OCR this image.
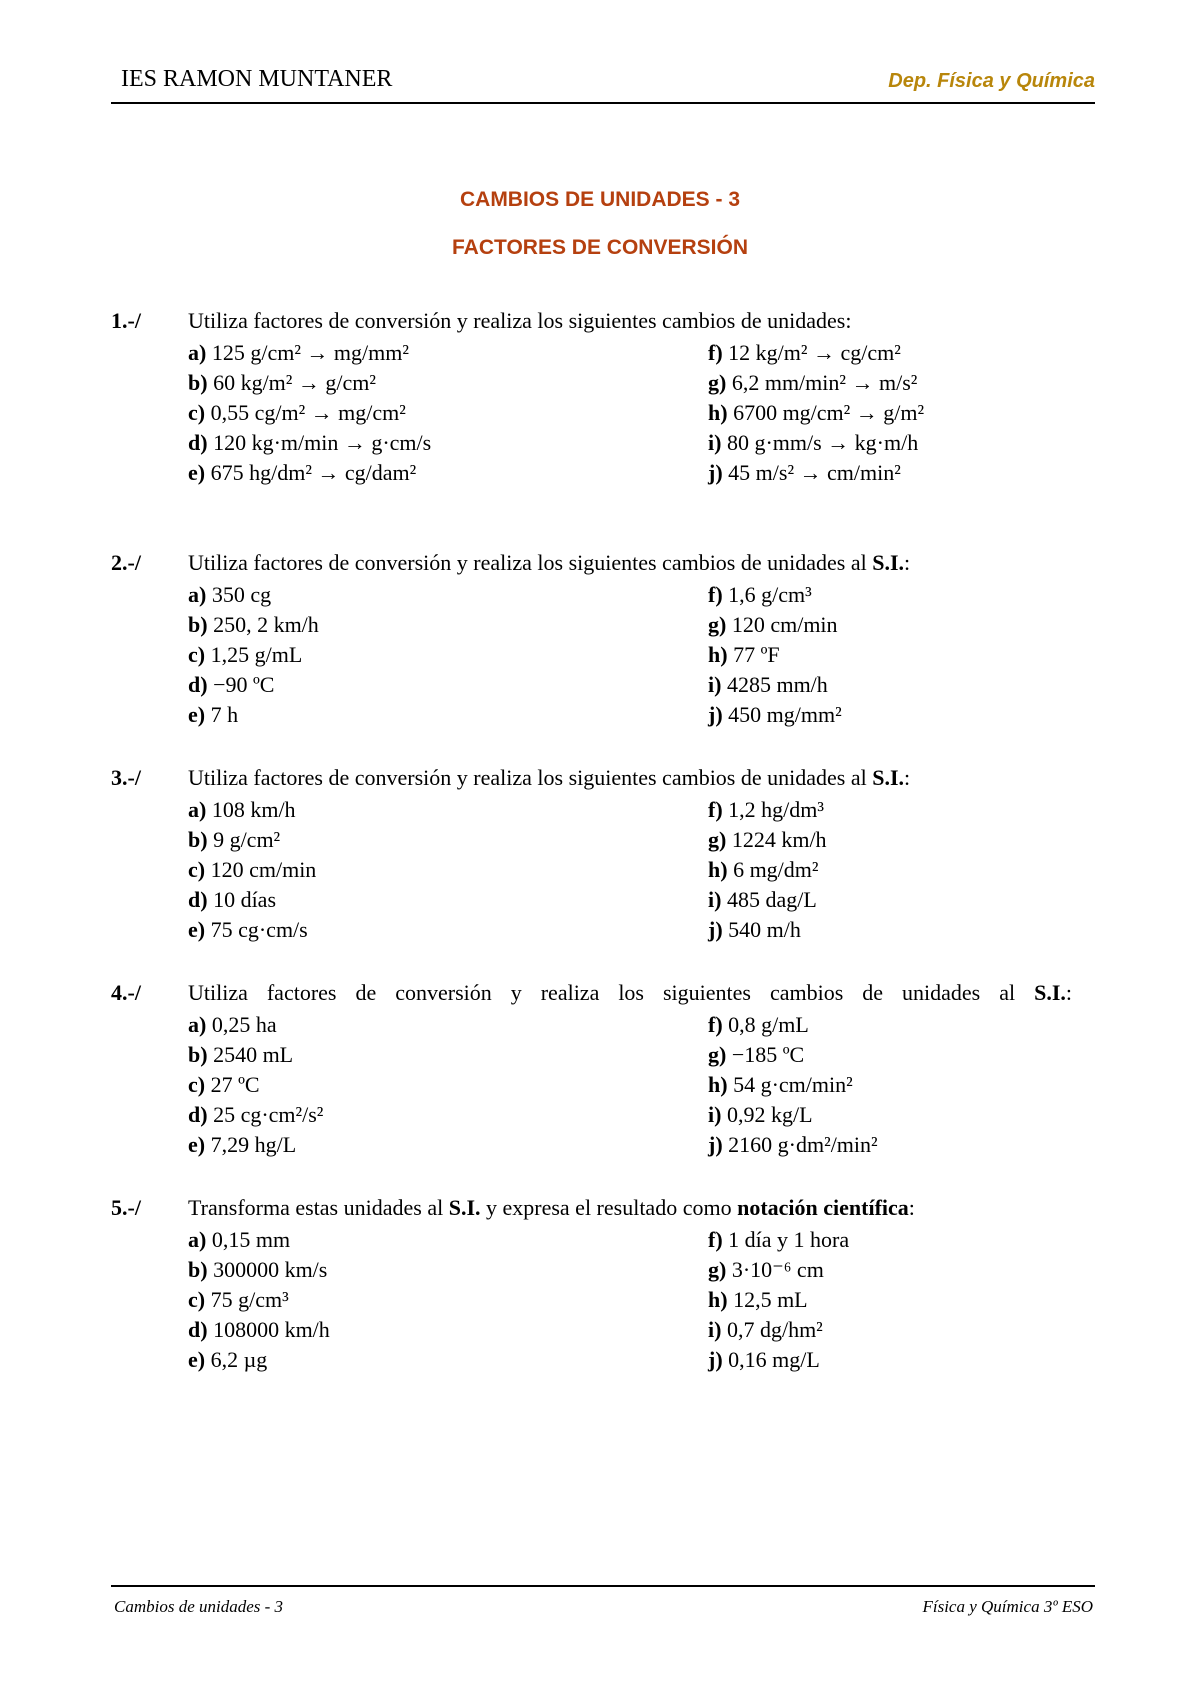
IES RAMON MUNTANER	Dep. Física y Química
CAMBIOS DE UNIDADES - 3
FACTORES DE CONVERSIÓN
1.-/ Utiliza factores de conversión y realiza los siguientes cambios de unidades:
a) 125 g/cm² → mg/mm²
b) 60 kg/m² → g/cm²
c) 0,55 cg/m² → mg/cm²
d) 120 kg·m/min → g·cm/s
e) 675 hg/dm² → cg/dam²
f) 12 kg/m² → cg/cm²
g) 6,2 mm/min² → m/s²
h) 6700 mg/cm² → g/m²
i) 80 g·mm/s → kg·m/h
j) 45 m/s² → cm/min²
2.-/ Utiliza factores de conversión y realiza los siguientes cambios de unidades al S.I.:
a) 350 cg
b) 250, 2 km/h
c) 1,25 g/mL
d) −90 ºC
e) 7 h
f) 1,6 g/cm³
g) 120 cm/min
h) 77 ºF
i) 4285 mm/h
j) 450 mg/mm²
3.-/ Utiliza factores de conversión y realiza los siguientes cambios de unidades al S.I.:
a) 108 km/h
b) 9 g/cm²
c) 120 cm/min
d) 10 días
e) 75 cg·cm/s
f) 1,2 hg/dm³
g) 1224 km/h
h) 6 mg/dm²
i) 485 dag/L
j) 540 m/h
4.-/ Utiliza factores de conversión y realiza los siguientes cambios de unidades al S.I.:
a) 0,25 ha
b) 2540 mL
c) 27 ºC
d) 25 cg·cm²/s²
e) 7,29 hg/L
f) 0,8 g/mL
g) −185 ºC
h) 54 g·cm/min²
i) 0,92 kg/L
j) 2160 g·dm²/min²
5.-/ Transforma estas unidades al S.I. y expresa el resultado como notación científica:
a) 0,15 mm
b) 300000 km/s
c) 75 g/cm³
d) 108000 km/h
e) 6,2 µg
f) 1 día y 1 hora
g) 3·10⁻⁶ cm
h) 12,5 mL
i) 0,7 dg/hm²
j) 0,16 mg/L
Cambios de unidades - 3	Física y Química 3º ESO
